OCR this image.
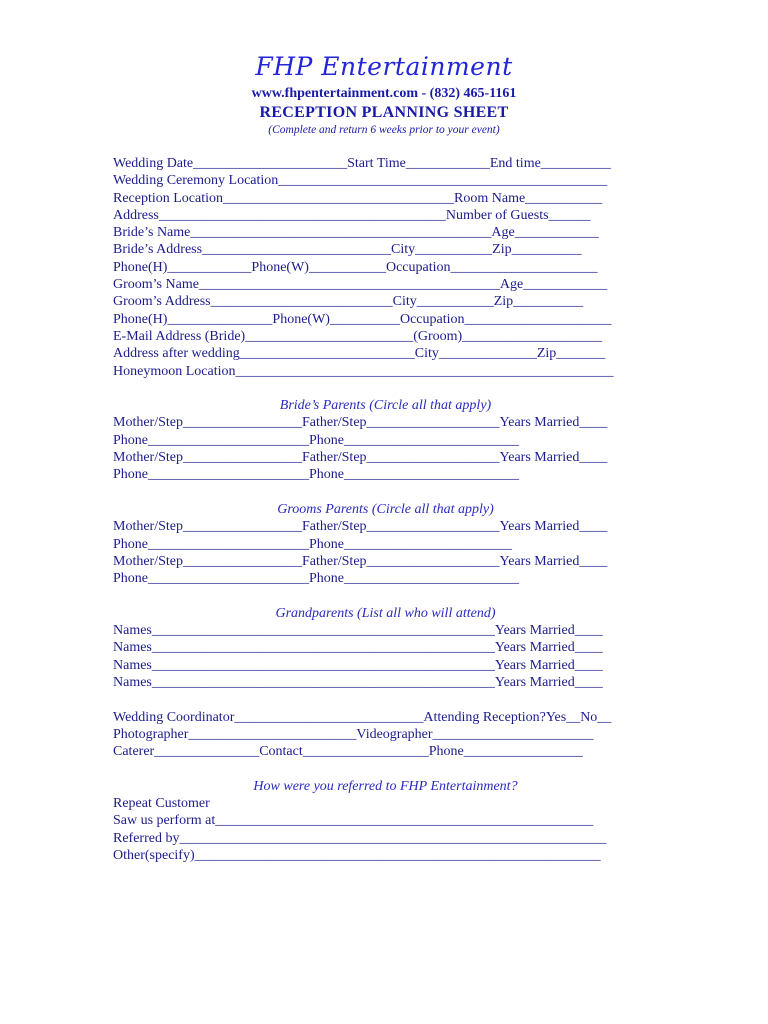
FHP Entertainment
www.fhpentertainment.com - (832) 465-1161
RECEPTION PLANNING SHEET
(Complete and return 6 weeks prior to your event)
Wedding Date______________________Start Time____________End time__________
Wedding Ceremony Location_______________________________________________
Reception Location_________________________________Room Name___________
Address_________________________________________Number of Guests______
Bride’s Name___________________________________________Age____________
Bride’s Address___________________________City___________Zip__________
Phone(H)____________Phone(W)___________Occupation_____________________
Groom’s Name___________________________________________Age____________
Groom’s Address__________________________City___________Zip__________
Phone(H)_______________Phone(W)__________Occupation_____________________
E-Mail Address (Bride)________________________(Groom)____________________
Address after wedding_________________________City______________Zip_______
Honeymoon Location______________________________________________________
Bride’s Parents (Circle all that apply)
Mother/Step_________________Father/Step___________________Years Married____
Phone_______________________Phone_________________________
Mother/Step_________________Father/Step___________________Years Married____
Phone_______________________Phone_________________________
Grooms Parents (Circle all that apply)
Mother/Step_________________Father/Step___________________Years Married____
Phone_______________________Phone________________________
Mother/Step_________________Father/Step___________________Years Married____
Phone_______________________Phone_________________________
Grandparents (List all who will attend)
Names_________________________________________________Years Married____
Names_________________________________________________Years Married____
Names_________________________________________________Years Married____
Names_________________________________________________Years Married____
Wedding Coordinator___________________________Attending Reception?Yes__No__
Photographer________________________Videographer_______________________
Caterer_______________Contact__________________Phone_________________
How were you referred to FHP Entertainment?
Repeat Customer
Saw us perform at______________________________________________________
Referred by_____________________________________________________________
Other(specify)__________________________________________________________
